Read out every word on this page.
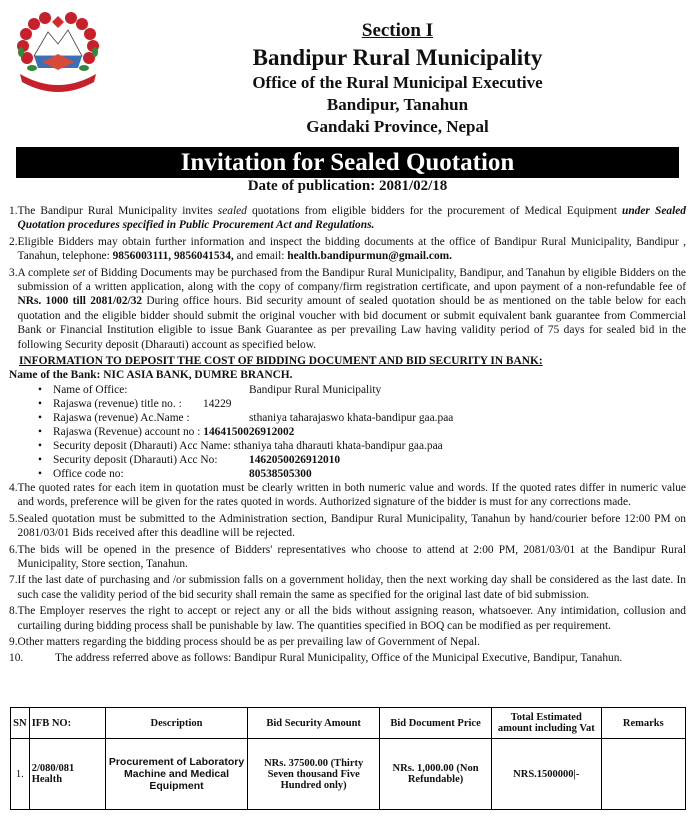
Section I
Bandipur Rural Municipality
Office of the Rural Municipal Executive
Bandipur, Tanahun
Gandaki Province, Nepal
Invitation for Sealed Quotation
Date of publication: 2081/02/18
1. The Bandipur Rural Municipality invites sealed quotations from eligible bidders for the procurement of Medical Equipment under Sealed Quotation procedures specified in Public Procurement Act and Regulations.
2. Eligible Bidders may obtain further information and inspect the bidding documents at the office of Bandipur Rural Municipality, Bandipur , Tanahun, telephone: 9856003111, 9856041534, and email: health.bandipurmun@gmail.com.
3. A complete set of Bidding Documents may be purchased from the Bandipur Rural Municipality, Bandipur, and Tanahun by eligible Bidders on the submission of a written application, along with the copy of company/firm registration certificate, and upon payment of a non-refundable fee of NRs. 1000 till 2081/02/32 During office hours. Bid security amount of sealed quotation should be as mentioned on the table below for each quotation and the eligible bidder should submit the original voucher with bid document or submit equivalent bank guarantee from Commercial Bank or Financial Institution eligible to issue Bank Guarantee as per prevailing Law having validity period of 75 days for sealed bid in the following Security deposit (Dharauti) account as specified below.
INFORMATION TO DEPOSIT THE COST OF BIDDING DOCUMENT AND BID SECURITY IN BANK:
Name of the Bank: NIC ASIA BANK, DUMRE BRANCH.
• Name of Office:	Bandipur Rural Municipality
• Rajaswa (revenue) title no. : 14229
• Rajaswa (revenue) Ac.Name :	sthaniya taharajaswo khata-bandipur gaa.paa
• Rajaswa (Revenue) account no : 1464150026912002
• Security deposit (Dharauti) Acc Name: sthaniya taha dharauti khata-bandipur gaa.paa
• Security deposit (Dharauti) Acc No:	1462050026912010
• Office code no:	80538505300
4. The quoted rates for each item in quotation must be clearly written in both numeric value and words. If the quoted rates differ in numeric value and words, preference will be given for the rates quoted in words. Authorized signature of the bidder is must for any corrections made.
5. Sealed quotation must be submitted to the Administration section, Bandipur Rural Municipality, Tanahun by hand/courier before 12:00 PM on 2081/03/01 Bids received after this deadline will be rejected.
6. The bids will be opened in the presence of Bidders' representatives who choose to attend at 2:00 PM, 2081/03/01 at the Bandipur Rural Municipality, Store section, Tanahun.
7. If the last date of purchasing and /or submission falls on a government holiday, then the next working day shall be considered as the last date. In such case the validity period of the bid security shall remain the same as specified for the original last date of bid submission.
8. The Employer reserves the right to accept or reject any or all the bids without assigning reason, whatsoever. Any intimidation, collusion and curtailing during bidding process shall be punishable by law. The quantities specified in BOQ can be modified as per requirement.
9. Other matters regarding the bidding process should be as per prevailing law of Government of Nepal.
10.	The address referred above as follows: Bandipur Rural Municipality, Office of the Municipal Executive, Bandipur, Tanahun.
SN	IFB NO:	Description	Bid Security Amount	Bid Document Price	Total Estimated amount including Vat	Remarks
1.	2/080/081 Health	Procurement of Laboratory Machine and Medical Equipment	NRs. 37500.00 (Thirty Seven thousand Five Hundred only)	NRs. 1,000.00 (Non Refundable)	NRS.1500000|-	
